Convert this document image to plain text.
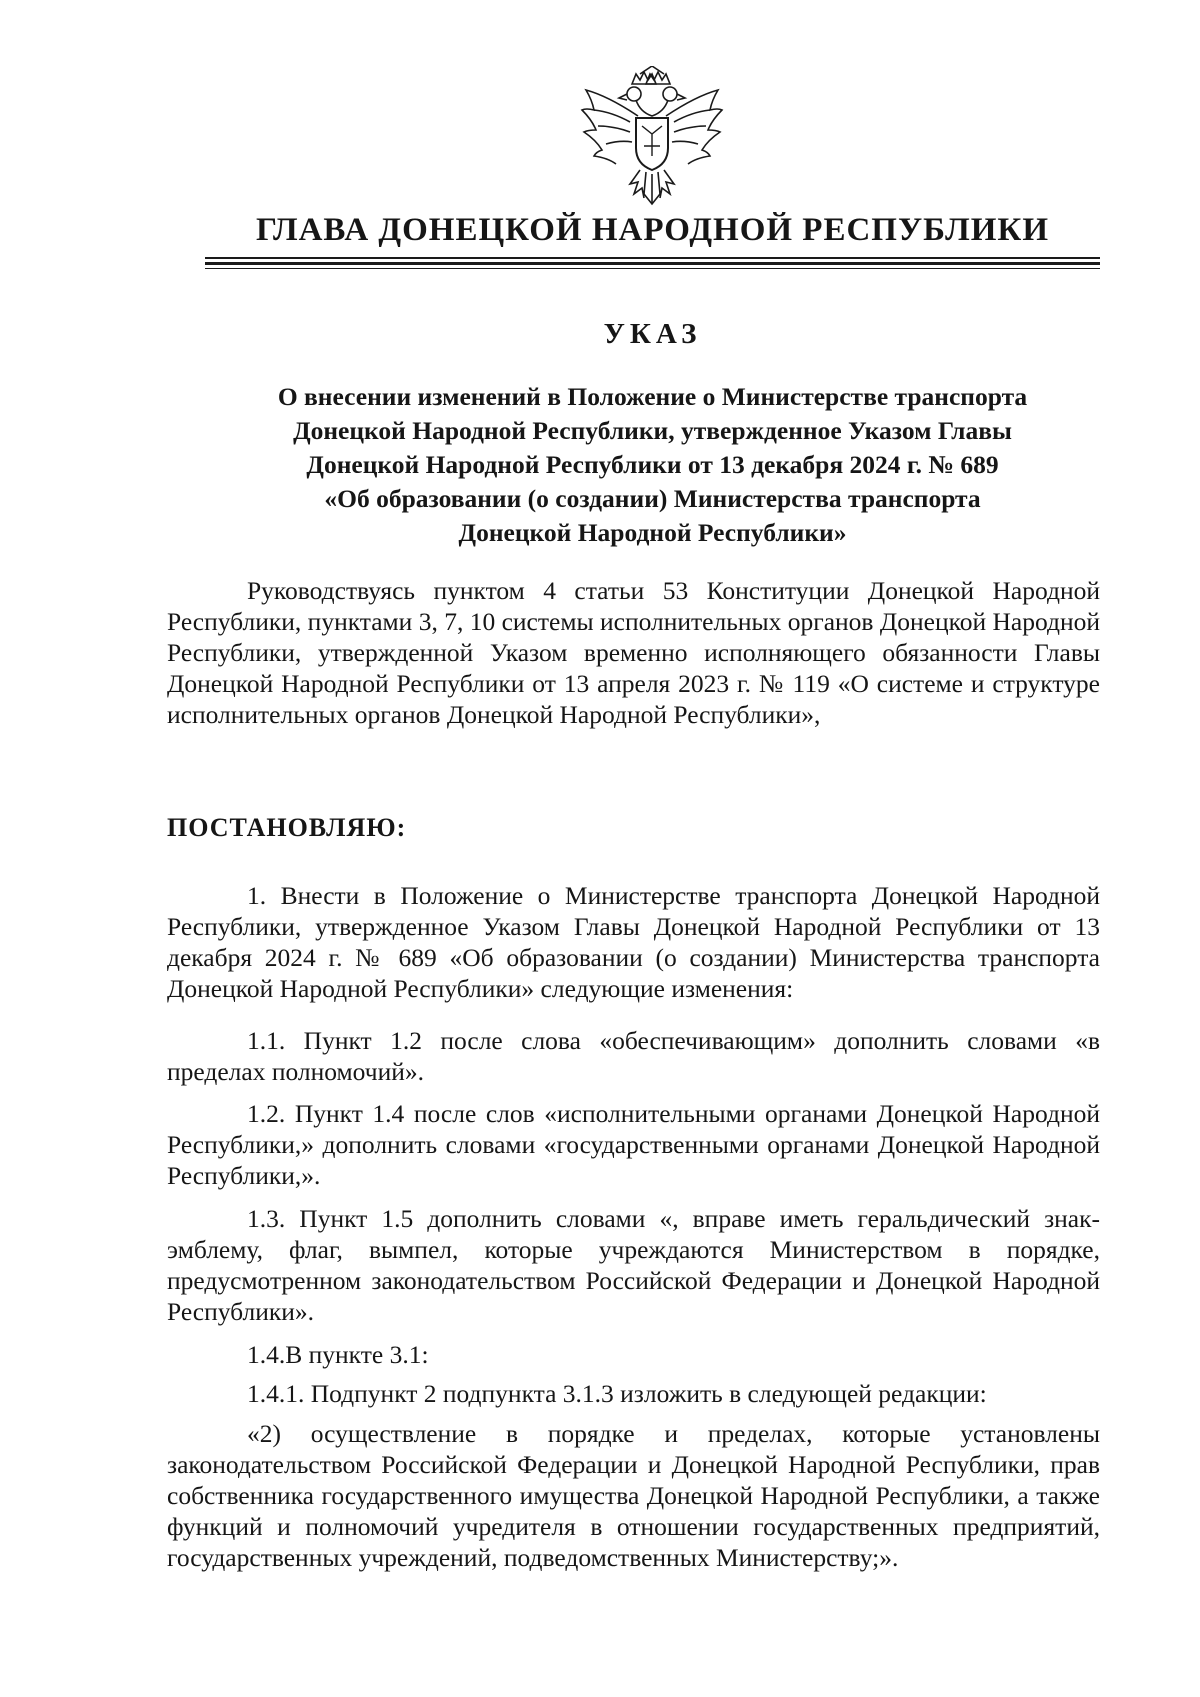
ГЛАВА ДОНЕЦКОЙ НАРОДНОЙ РЕСПУБЛИКИ
УКАЗ
О внесении изменений в Положение о Министерстве транспорта
Донецкой Народной Республики, утвержденное Указом Главы
Донецкой Народной Республики от 13 декабря 2024 г. № 689
«Об образовании (о создании) Министерства транспорта
Донецкой Народной Республики»
Руководствуясь пунктом 4 статьи 53 Конституции Донецкой Народной Республики, пунктами 3, 7, 10 системы исполнительных органов Донецкой Народной Республики, утвержденной Указом временно исполняющего обязанности Главы Донецкой Народной Республики от 13 апреля 2023 г. № 119 «О системе и структуре исполнительных органов Донецкой Народной Республики»,
ПОСТАНОВЛЯЮ:
1. Внести в Положение о Министерстве транспорта Донецкой Народной Республики, утвержденное Указом Главы Донецкой Народной Республики от 13 декабря 2024 г. № 689 «Об образовании (о создании) Министерства транспорта Донецкой Народной Республики» следующие изменения:
1.1. Пункт 1.2 после слова «обеспечивающим» дополнить словами «в пределах полномочий».
1.2. Пункт 1.4 после слов «исполнительными органами Донецкой Народной Республики,» дополнить словами «государственными органами Донецкой Народной Республики,».
1.3. Пункт 1.5 дополнить словами «, вправе иметь геральдический знак-эмблему, флаг, вымпел, которые учреждаются Министерством в порядке, предусмотренном законодательством Российской Федерации и Донецкой Народной Республики».
1.4.В пункте 3.1:
1.4.1. Подпункт 2 подпункта 3.1.3 изложить в следующей редакции:
«2) осуществление в порядке и пределах, которые установлены законодательством Российской Федерации и Донецкой Народной Республики, прав собственника государственного имущества Донецкой Народной Республики, а также функций и полномочий учредителя в отношении государственных предприятий, государственных учреждений, подведомственных Министерству;».
